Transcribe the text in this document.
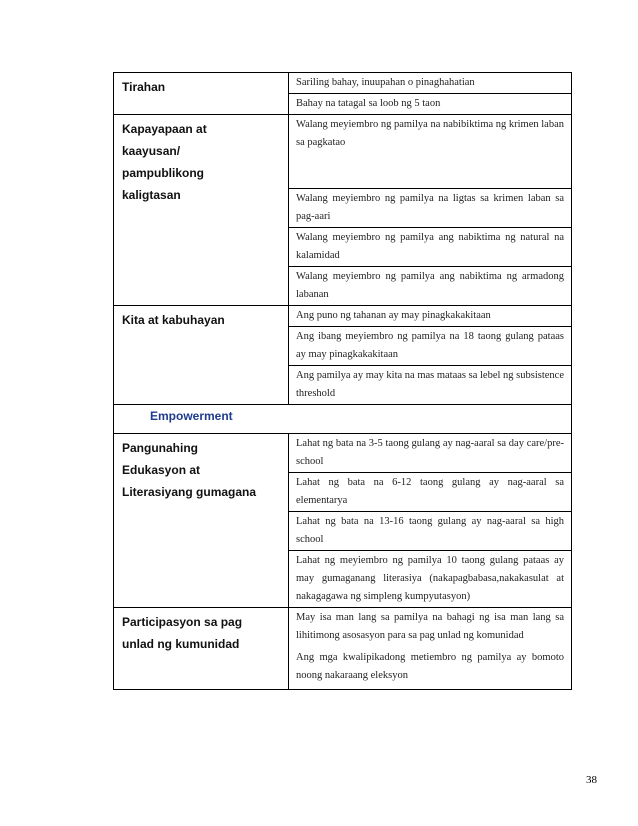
Tirahan	Sariling bahay, inuupahan o pinaghahatian
	Bahay na tatagal sa loob ng 5 taon

Kapayapaan at
kaayusan/
pampublikong
kaligtasan	Walang meyiembro ng pamilya na nabibiktima ng krimen laban sa pagkatao
	Walang meyiembro ng pamilya na ligtas sa krimen laban sa pag-aari
	Walang meyiembro ng pamilya ang nabiktima ng natural na kalamidad
	Walang meyiembro ng pamilya ang nabiktima ng armadong labanan
Kita at kabuhayan	Ang puno ng tahanan ay may pinagkakakitaan
	Ang ibang meyiembro ng pamilya na 18 taong gulang pataas ay may pinagkakakitaan
	Ang pamilya ay may kita na mas mataas sa lebel ng subsistence threshold
Empowerment	

Pangunahing
Edukasyon at
Literasiyang gumagana	Lahat ng bata na 3-5 taong gulang ay nag-aaral sa day care/pre-school
	Lahat ng bata na 6-12 taong gulang ay nag-aaral sa elementarya
	Lahat ng bata na 13-16 taong gulang ay nag-aaral sa high school
	Lahat ng meyiembro ng pamilya 10 taong gulang pataas ay may gumaganang literasiya (nakapagbabasa,nakakasulat at nakagagawa ng simpleng kumpyutasyon)

Participasyon sa pag
unlad ng kumunidad	May isa man lang sa pamilya na bahagi ng isa man lang sa lihitimong asosasyon para sa pag unlad ng komunidad
Ang mga kwalipikadong metiembro ng pamilya ay bomoto noong nakaraang eleksyon
38
